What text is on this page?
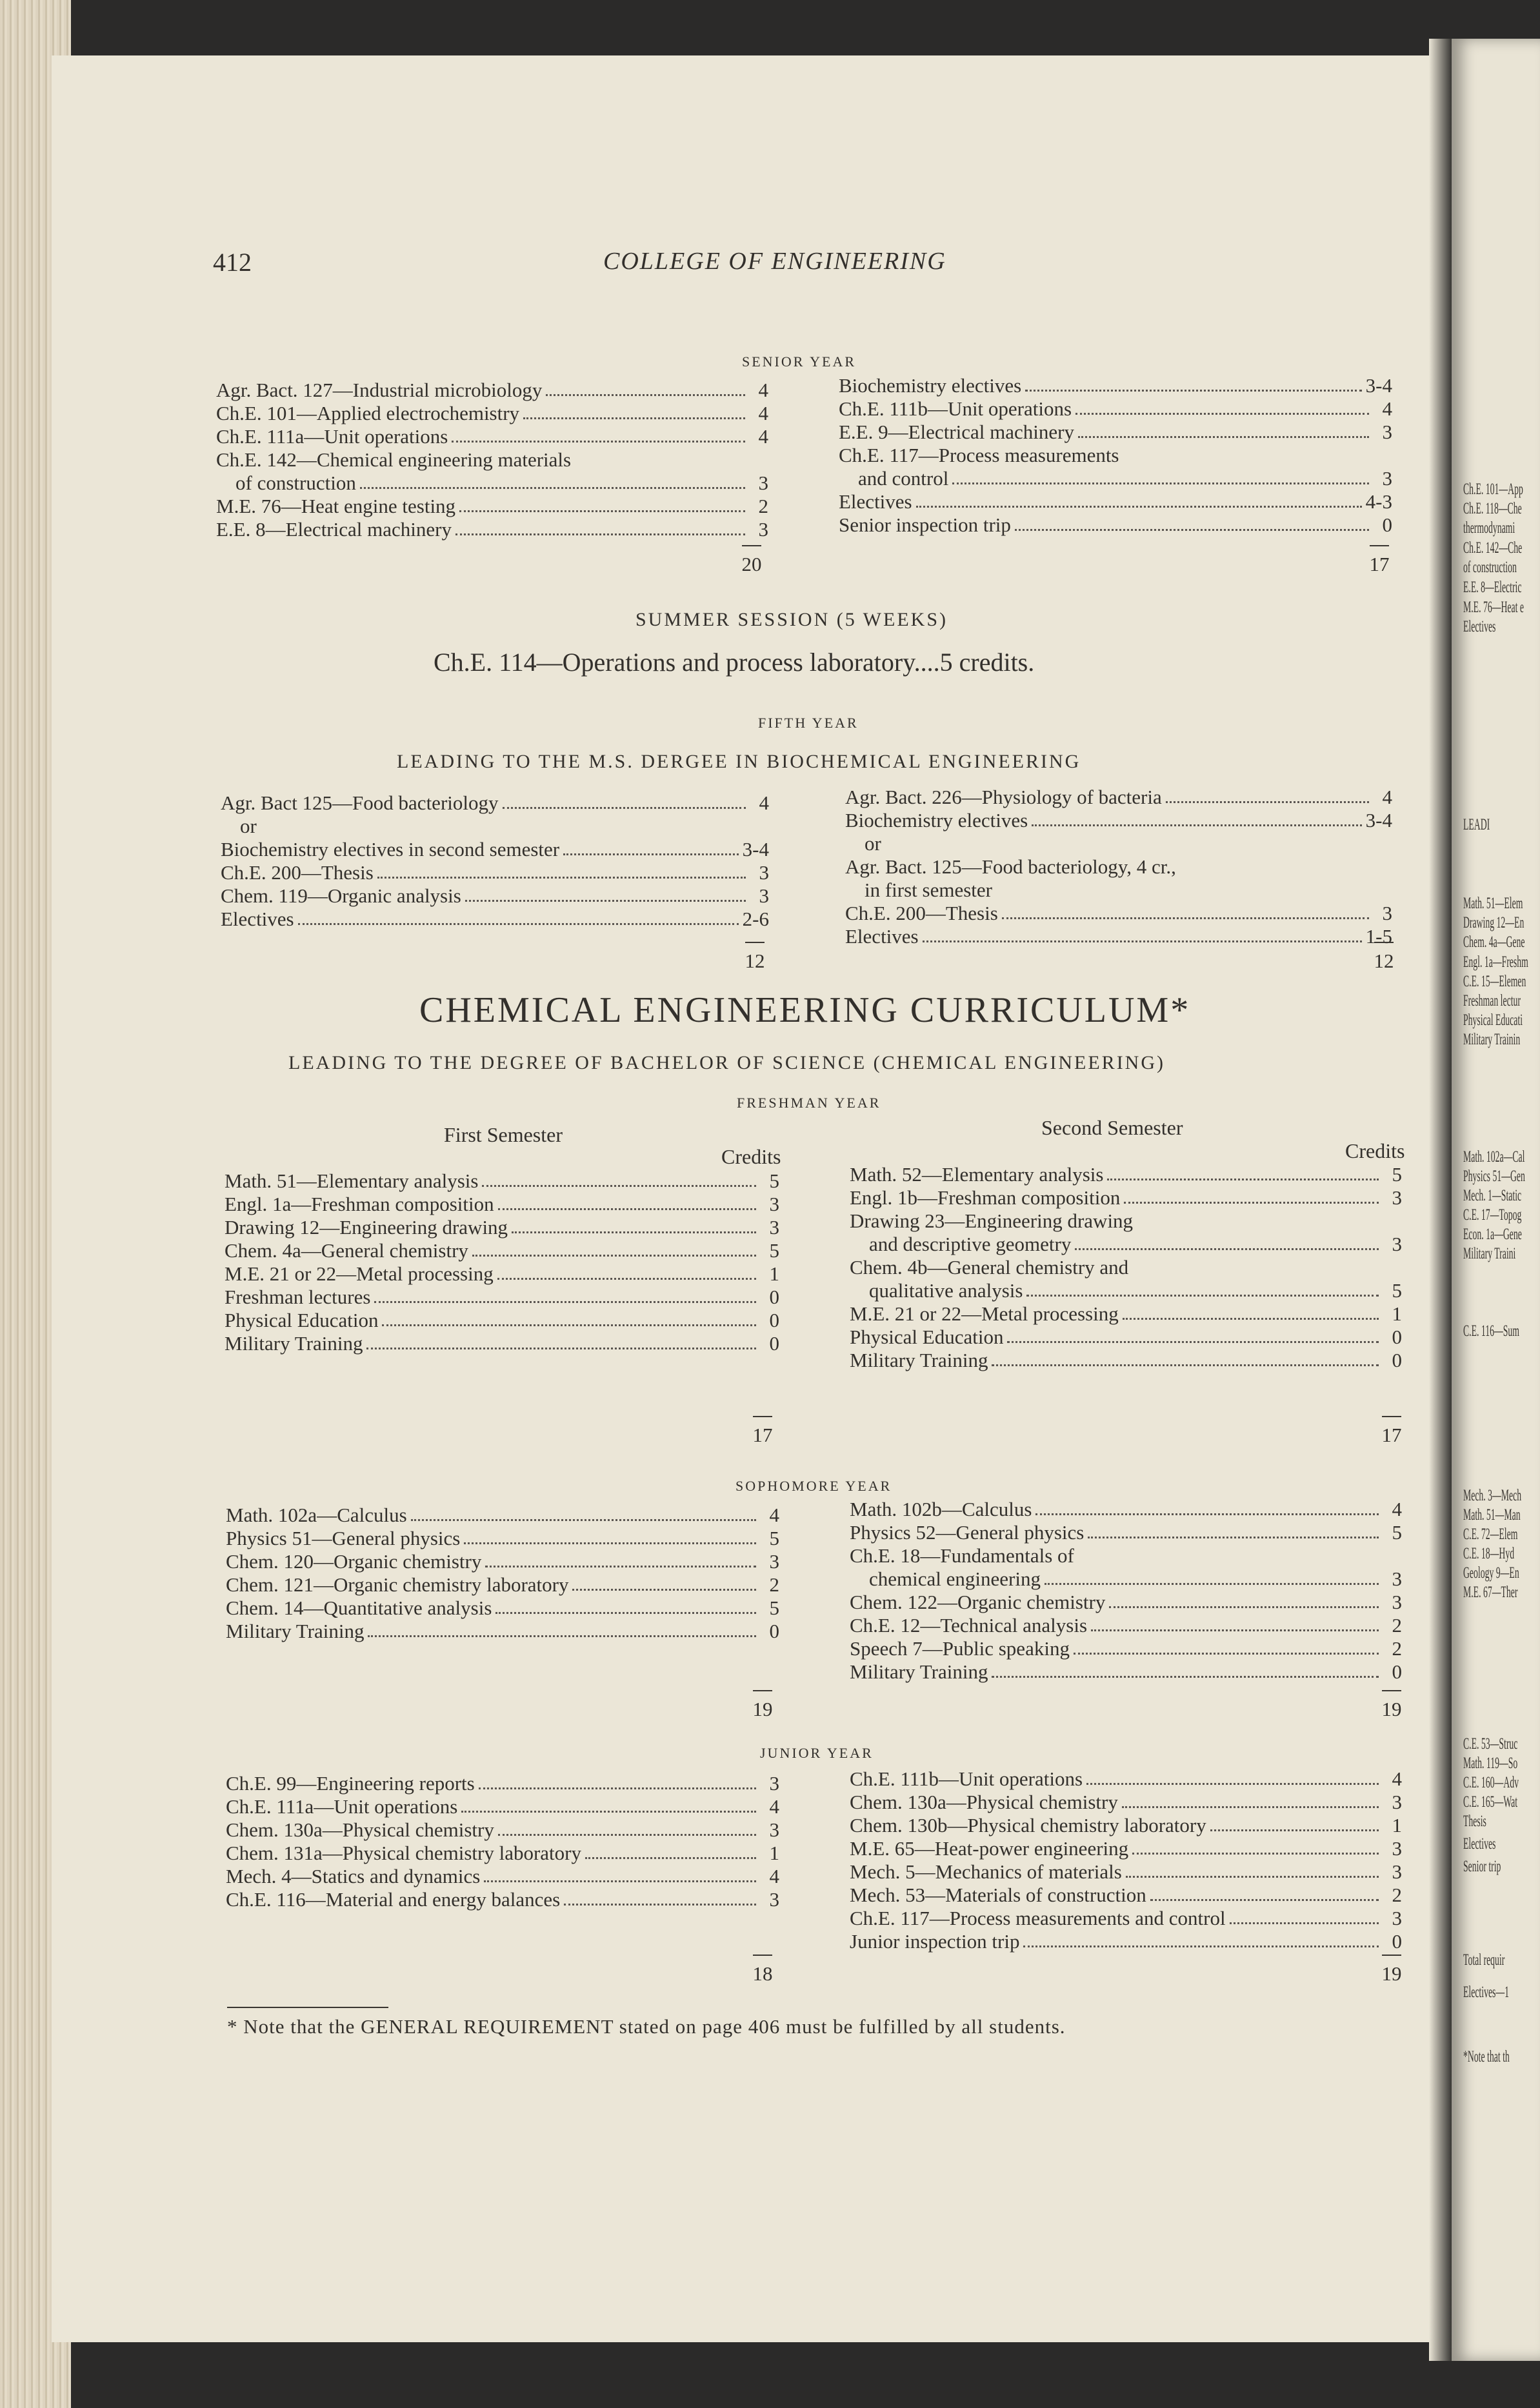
412	COLLEGE OF ENGINEERING
SENIOR YEAR
Agr. Bact. 127—Industrial microbiology	4
Ch.E. 101—Applied electrochemistry	4
Ch.E. 111a—Unit operations	4
Ch.E. 142—Chemical engineering materials
of construction	3
M.E. 76—Heat engine testing	2
E.E. 8—Electrical machinery	3
Biochemistry electives	3-4
Ch.E. 111b—Unit operations	4
E.E. 9—Electrical machinery	3
Ch.E. 117—Process measurements
and control	3
Electives	4-3
Senior inspection trip	0
20	17
SUMMER SESSION (5 WEEKS)
Ch.E. 114—Operations and process laboratory....5 credits.
FIFTH YEAR
LEADING TO THE M.S. DERGEE IN BIOCHEMICAL ENGINEERING
Agr. Bact 125—Food bacteriology	4
or
Biochemistry electives in second semester	3-4
Ch.E. 200—Thesis	3
Chem. 119—Organic analysis	3
Electives	2-6
Agr. Bact. 226—Physiology of bacteria	4
Biochemistry electives	3-4
or
Agr. Bact. 125—Food bacteriology, 4 cr.,
in first semester
Ch.E. 200—Thesis	3
Electives	1-5
12	12
CHEMICAL ENGINEERING CURRICULUM*
LEADING TO THE DEGREE OF BACHELOR OF SCIENCE (CHEMICAL ENGINEERING)
FRESHMAN YEAR
First Semester	Second Semester
Credits	Credits
Math. 51—Elementary analysis	5
Engl. 1a—Freshman composition	3
Drawing 12—Engineering drawing	3
Chem. 4a—General chemistry	5
M.E. 21 or 22—Metal processing	1
Freshman lectures	0
Physical Education	0
Military Training	0
Math. 52—Elementary analysis	5
Engl. 1b—Freshman composition	3
Drawing 23—Engineering drawing
and descriptive geometry	3
Chem. 4b—General chemistry and
qualitative analysis	5
M.E. 21 or 22—Metal processing	1
Physical Education	0
Military Training	0
17	17
SOPHOMORE YEAR
Math. 102a—Calculus	4
Physics 51—General physics	5
Chem. 120—Organic chemistry	3
Chem. 121—Organic chemistry laboratory	2
Chem. 14—Quantitative analysis	5
Military Training	0
Math. 102b—Calculus	4
Physics 52—General physics	5
Ch.E. 18—Fundamentals of
chemical engineering	3
Chem. 122—Organic chemistry	3
Ch.E. 12—Technical analysis	2
Speech 7—Public speaking	2
Military Training	0
19	19
JUNIOR YEAR
Ch.E. 99—Engineering reports	3
Ch.E. 111a—Unit operations	4
Chem. 130a—Physical chemistry	3
Chem. 131a—Physical chemistry laboratory	1
Mech. 4—Statics and dynamics	4
Ch.E. 116—Material and energy balances	3
Ch.E. 111b—Unit operations	4
Chem. 130a—Physical chemistry	3
Chem. 130b—Physical chemistry laboratory	1
M.E. 65—Heat-power engineering	3
Mech. 5—Mechanics of materials	3
Mech. 53—Materials of construction	2
Ch.E. 117—Process measurements and control	3
Junior inspection trip	0
18	19
* Note that the GENERAL REQUIREMENT stated on page 406 must be fulfilled by all students.
Ch.E. 101—App
Ch.E. 118—Che
thermodynami
Ch.E. 142—Che
of construction
E.E. 8—Electric
M.E. 76—Heat e
Electives
LEADI
Math. 51—Elem
Drawing 12—En
Chem. 4a—Gene
Engl. 1a—Freshm
C.E. 15—Elemen
Freshman lectur
Physical Educati
Military Trainin
Math. 102a—Cal
Physics 51—Gen
Mech. 1—Static
C.E. 17—Topog
Econ. 1a—Gene
Military Traini
C.E. 116—Sum
Mech. 3—Mech
Math. 51—Man
C.E. 72—Elem
C.E. 18—Hyd
Geology 9—En
M.E. 67—Ther
C.E. 53—Struc
Math. 119—So
C.E. 160—Adv
C.E. 165—Wat
Thesis
Electives
Senior trip
Total requir
Electives—1
*Note that th
